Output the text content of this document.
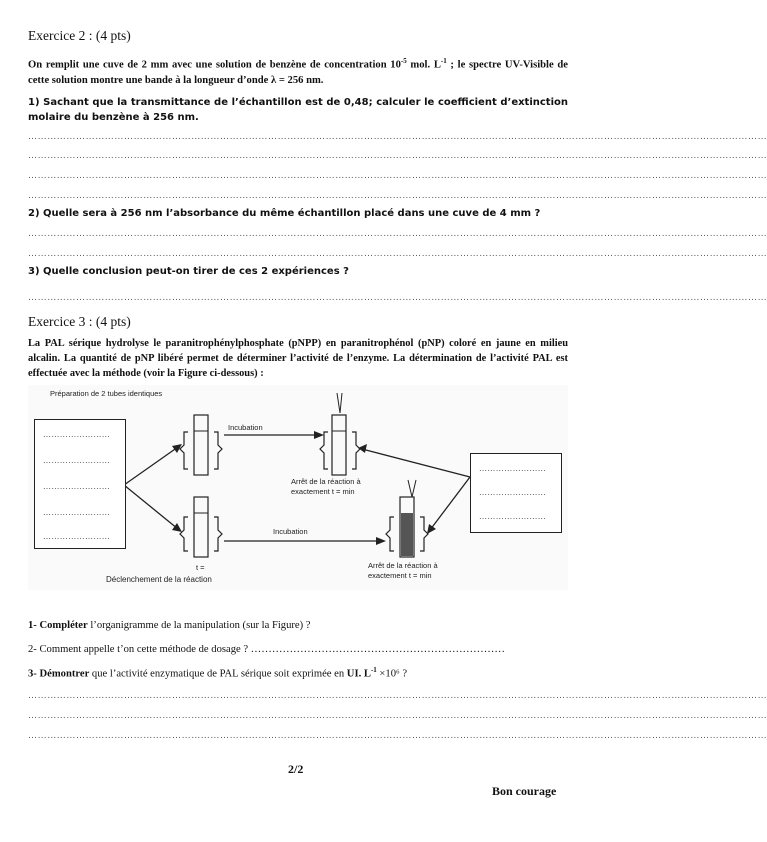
Exercice 2 : (4 pts)
On remplit une cuve de 2 mm avec une solution de benzène de concentration $10^{-5}$ mol. $L^{-1}$ ; le spectre UV-Visible de cette solution montre une bande à la longueur d’onde λ = 256 nm.
1) Sachant que la transmittance de l’échantillon est de 0,48; calculer le coefficient d’extinction molaire du benzène à 256 nm.
……………………………………………………………………………………………………………………………………………………………………………………………………………
……………………………………………………………………………………………………………………………………………………………………………………………………………
……………………………………………………………………………………………………………………………………………………………………………………………………………
……………………………………………………………………………………………………………………………………………………………………………………………………………
2) Quelle sera à 256 nm l’absorbance du même échantillon placé dans une cuve de 4 mm ?
……………………………………………………………………………………………………………………………………………………………………………………………………………
……………………………………………………………………………………………………………………………………………………………………………………………………………
3) Quelle conclusion peut-on tirer de ces 2 expériences ?
……………………………………………………………………………………………………………………………………………………………………………………………………………
Exercice 3 : (4 pts)
La PAL sérique hydrolyse le paranitrophénylphosphate (pNPP) en paranitrophénol (pNP) coloré en jaune en milieu alcalin. La quantité de pNP libéré permet de déterminer l’activité de l’enzyme. La détermination de l’activité PAL est effectuée avec la méthode (voir la Figure ci-dessous) :
Préparation de 2 tubes identiques
Incubation
Incubation
Arrêt de la réaction à
exactement t = min
Arrêt de la réaction à
exactement t = min
t =
Déclenchement de la réaction
……………………
……………………
……………………
……………………
……………………
……………………
……………………
……………………
1- Compléter l’organigramme de la manipulation (sur la Figure) ?
2- Comment appelle t’on cette méthode de dosage ? ………………………………………………………………
3- Démontrer que l’activité enzymatique de PAL sérique soit exprimée en UI. $L^{-1} \times 10^6$ ?
……………………………………………………………………………………………………………………………………………………………………………………………………………
……………………………………………………………………………………………………………………………………………………………………………………………………………
……………………………………………………………………………………………………………………………………………………………………………………………………………
2/2
Bon courage
